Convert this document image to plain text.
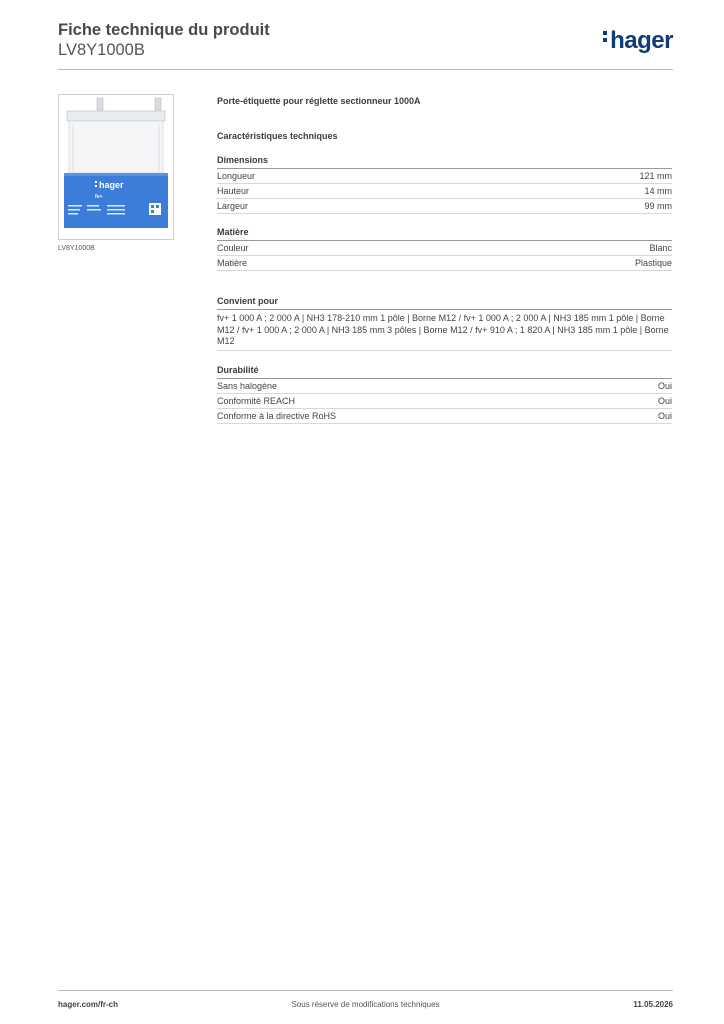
Fiche technique du produit
LV8Y1000B	hager
hager
fv+
LV8Y1000B
Porte-étiquette pour réglette sectionneur 1000A
Caractéristiques techniques
Dimensions
Longueur	121 mm
Hauteur	14 mm
Largeur	99 mm
Matière
Couleur	Blanc
Matière	Plastique
Convient pour
fv+ 1 000 A ; 2 000 A | NH3 178-210 mm 1 pôle | Borne M12 / fv+ 1 000 A ; 2 000 A | NH3 185 mm 1 pôle | Borne M12 / fv+ 1 000 A ; 2 000 A | NH3 185 mm 3 pôles | Borne M12 / fv+ 910 A ; 1 820 A | NH3 185 mm 1 pôle | Borne M12
Durabilité
Sans halogène	Oui
Conformité REACH	Oui
Conforme à la directive RoHS	Oui
hager.com/fr-ch	Sous réserve de modifications techniques	11.05.2026
